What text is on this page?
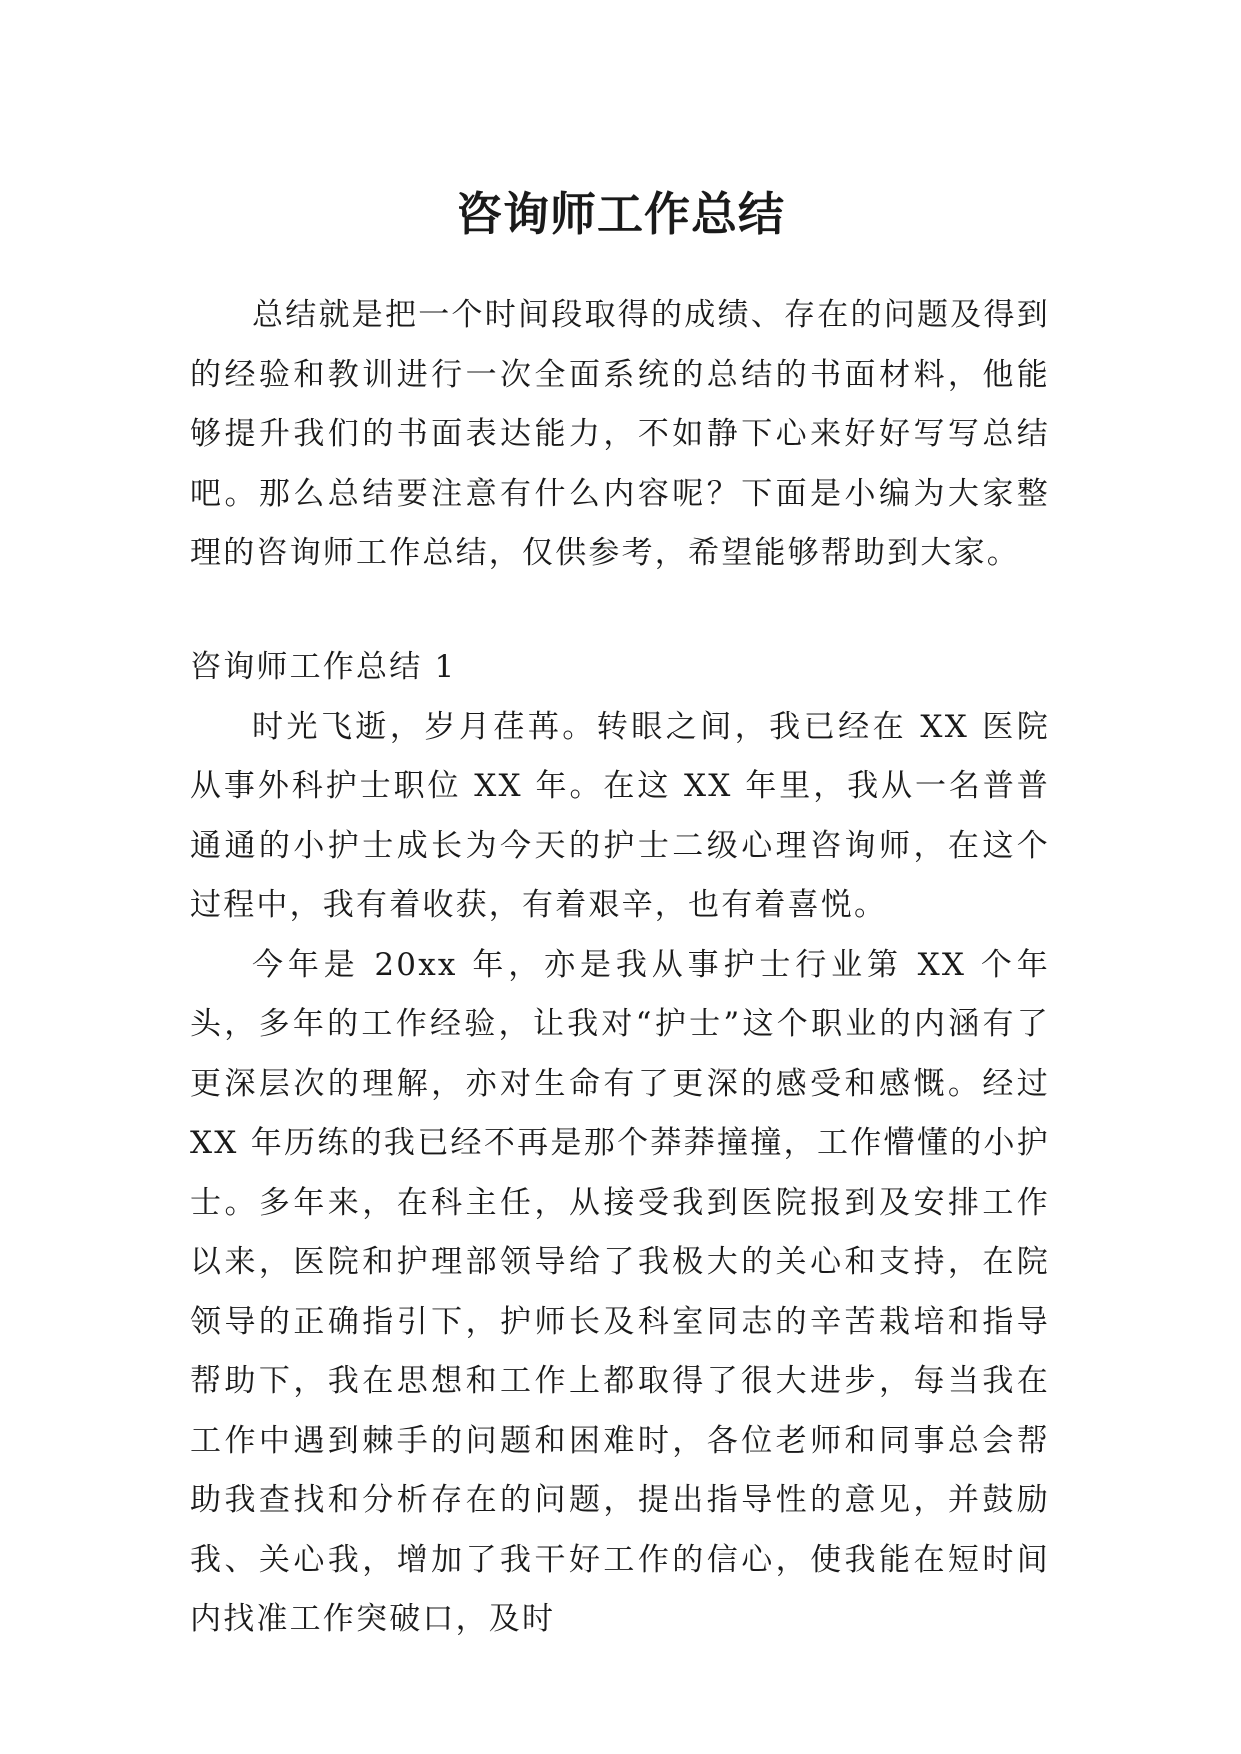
咨询师工作总结

总结就是把一个时间段取得的成绩、存在的问题及得到的经验和教训进行一次全面系统的总结的书面材料，他能够提升我们的书面表达能力，不如静下心来好好写写总结吧。那么总结要注意有什么内容呢？下面是小编为大家整理的咨询师工作总结，仅供参考，希望能够帮助到大家。

咨询师工作总结 1

时光飞逝，岁月荏苒。转眼之间，我已经在 XX 医院从事外科护士职位 XX 年。在这 XX 年里，我从一名普普通通的小护士成长为今天的护士二级心理咨询师，在这个过程中，我有着收获，有着艰辛，也有着喜悦。

今年是 20xx 年，亦是我从事护士行业第 XX 个年头，多年的工作经验，让我对“护士”这个职业的内涵有了更深层次的理解，亦对生命有了更深的感受和感慨。经过 XX 年历练的我已经不再是那个莽莽撞撞，工作懵懂的小护士。多年来，在科主任，从接受我到医院报到及安排工作以来，医院和护理部领导给了我极大的关心和支持，在院领导的正确指引下，护师长及科室同志的辛苦栽培和指导帮助下，我在思想和工作上都取得了很大进步，每当我在工作中遇到棘手的问题和困难时，各位老师和同事总会帮助我查找和分析存在的问题，提出指导性的意见，并鼓励我、关心我，增加了我干好工作的信心，使我能在短时间内找准工作突破口，及时
